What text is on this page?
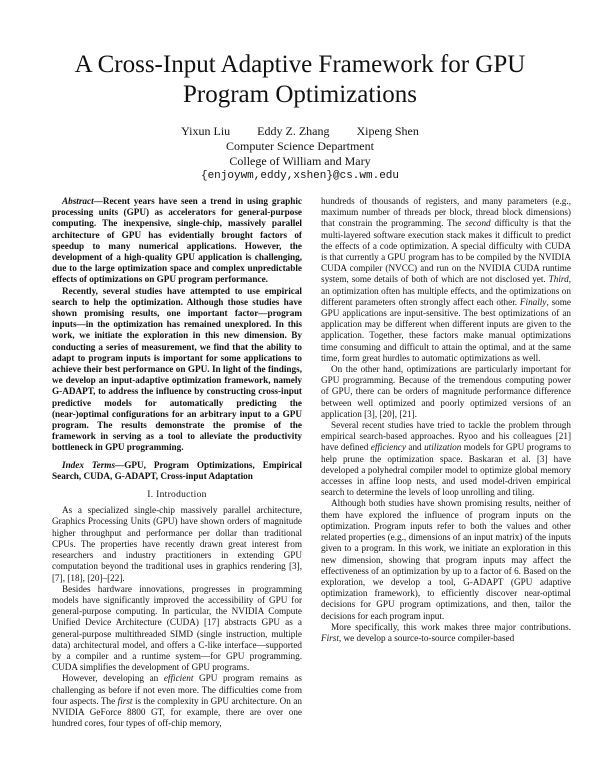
A Cross-Input Adaptive Framework for GPU
Program Optimizations
Yixun Liu Eddy Z. Zhang Xipeng Shen
Computer Science Department
College of William and Mary
{enjoywm,eddy,xshen}@cs.wm.edu

Abstract—Recent years have seen a trend in using graphic processing units (GPU) as accelerators for general-purpose computing. The inexpensive, single-chip, massively parallel architecture of GPU has evidentially brought factors of speedup to many numerical applications. However, the development of a high-quality GPU application is challenging, due to the large optimization space and complex unpredictable effects of optimizations on GPU program performance.

Recently, several studies have attempted to use empirical search to help the optimization. Although those studies have shown promising results, one important factor—program inputs—in the optimization has remained unexplored. In this work, we initiate the exploration in this new dimension. By conducting a series of measurement, we find that the ability to adapt to program inputs is important for some applications to achieve their best performance on GPU. In light of the findings, we develop an input-adaptive optimization framework, namely G-ADAPT, to address the influence by constructing cross-input predictive models for automatically predicting the (near-)optimal configurations for an arbitrary input to a GPU program. The results demonstrate the promise of the framework in serving as a tool to alleviate the productivity bottleneck in GPU programming.

Index Terms—GPU, Program Optimizations, Empirical Search, CUDA, G-ADAPT, Cross-input Adaptation

I. Introduction

As a specialized single-chip massively parallel architecture, Graphics Processing Units (GPU) have shown orders of magnitude higher throughput and performance per dollar than traditional CPUs. The properties have recently drawn great interest from researchers and industry practitioners in extending GPU computation beyond the traditional uses in graphics rendering [3], [7], [18], [20]–[22].

Besides hardware innovations, progresses in programming models have significantly improved the accessibility of GPU for general-purpose computing. In particular, the NVIDIA Compute Unified Device Architecture (CUDA) [17] abstracts GPU as a general-purpose multithreaded SIMD (single instruction, multiple data) architectural model, and offers a C-like interface—supported by a compiler and a runtime system—for GPU programming. CUDA simplifies the development of GPU programs.

However, developing an efficient GPU program remains as challenging as before if not even more. The difficulties come from four aspects. The first is the complexity in GPU architecture. On an NVIDIA GeForce 8800 GT, for example, there are over one hundred cores, four types of off-chip memory,

hundreds of thousands of registers, and many parameters (e.g., maximum number of threads per block, thread block dimensions) that constrain the programming. The second difficulty is that the multi-layered software execution stack makes it difficult to predict the effects of a code optimization. A special difficulty with CUDA is that currently a GPU program has to be compiled by the NVIDIA CUDA compiler (NVCC) and run on the NVIDIA CUDA runtime system, some details of both of which are not disclosed yet. Third, an optimization often has multiple effects, and the optimizations on different parameters often strongly affect each other. Finally, some GPU applications are input-sensitive. The best optimizations of an application may be different when different inputs are given to the application. Together, these factors make manual optimizations time consuming and difficult to attain the optimal, and at the same time, form great hurdles to automatic optimizations as well.

On the other hand, optimizations are particularly important for GPU programming. Because of the tremendous computing power of GPU, there can be orders of magnitude performance difference between well optimized and poorly optimized versions of an application [3], [20], [21].

Several recent studies have tried to tackle the problem through empirical search-based approaches. Ryoo and his colleagues [21] have defined efficiency and utilization models for GPU programs to help prune the optimization space. Baskaran et al. [3] have developed a polyhedral compiler model to optimize global memory accesses in affine loop nests, and used model-driven empirical search to determine the levels of loop unrolling and tiling.

Although both studies have shown promising results, neither of them have explored the influence of program inputs on the optimization. Program inputs refer to both the values and other related properties (e.g., dimensions of an input matrix) of the inputs given to a program. In this work, we initiate an exploration in this new dimension, showing that program inputs may affect the effectiveness of an optimization by up to a factor of 6. Based on the exploration, we develop a tool, G-ADAPT (GPU adaptive optimization framework), to efficiently discover near-optimal decisions for GPU program optimizations, and then, tailor the decisions for each program input.

More specifically, this work makes three major contributions. First, we develop a source-to-source compiler-based
